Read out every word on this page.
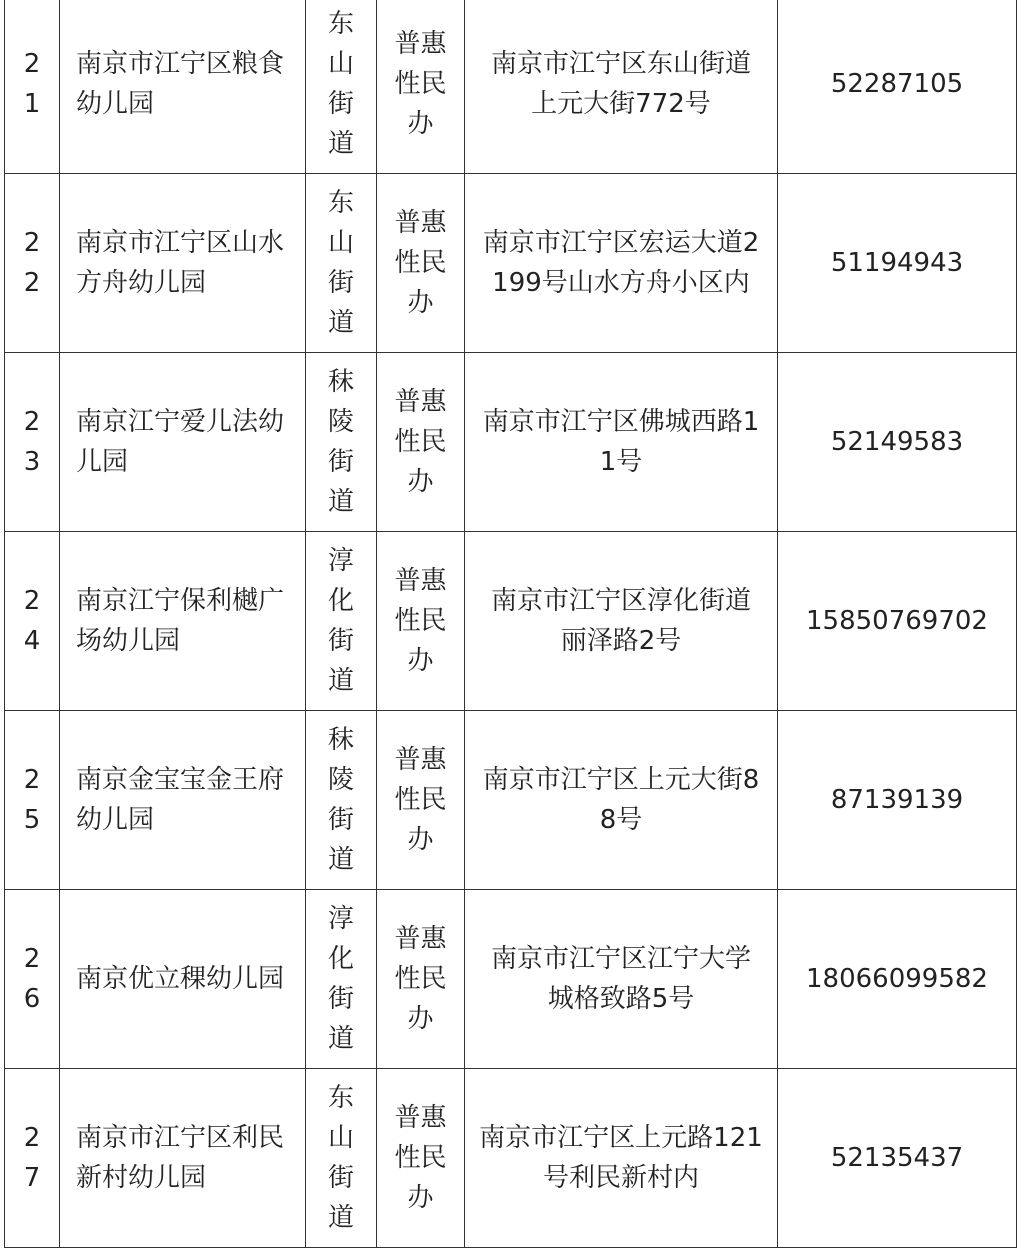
21	南京市江宁区粮食幼儿园	东山街道	普惠性民办	南京市江宁区东山街道上元大街772号	52287105

22	南京市江宁区山水方舟幼儿园	东山街道	普惠性民办	南京市江宁区宏运大道2199号山水方舟小区内	51194943

23	南京江宁爱儿法幼儿园	秣陵街道	普惠性民办	南京市江宁区佛城西路11号	52149583

24	南京江宁保利樾广场幼儿园	淳化街道	普惠性民办	南京市江宁区淳化街道丽泽路2号	15850769702

25	南京金宝宝金王府幼儿园	秣陵街道	普惠性民办	南京市江宁区上元大街88号	87139139

26	南京优立稞幼儿园	淳化街道	普惠性民办	南京市江宁区江宁大学城格致路5号	18066099582

27	南京市江宁区利民新村幼儿园	东山街道	普惠性民办	南京市江宁区上元路121号利民新村内	52135437
